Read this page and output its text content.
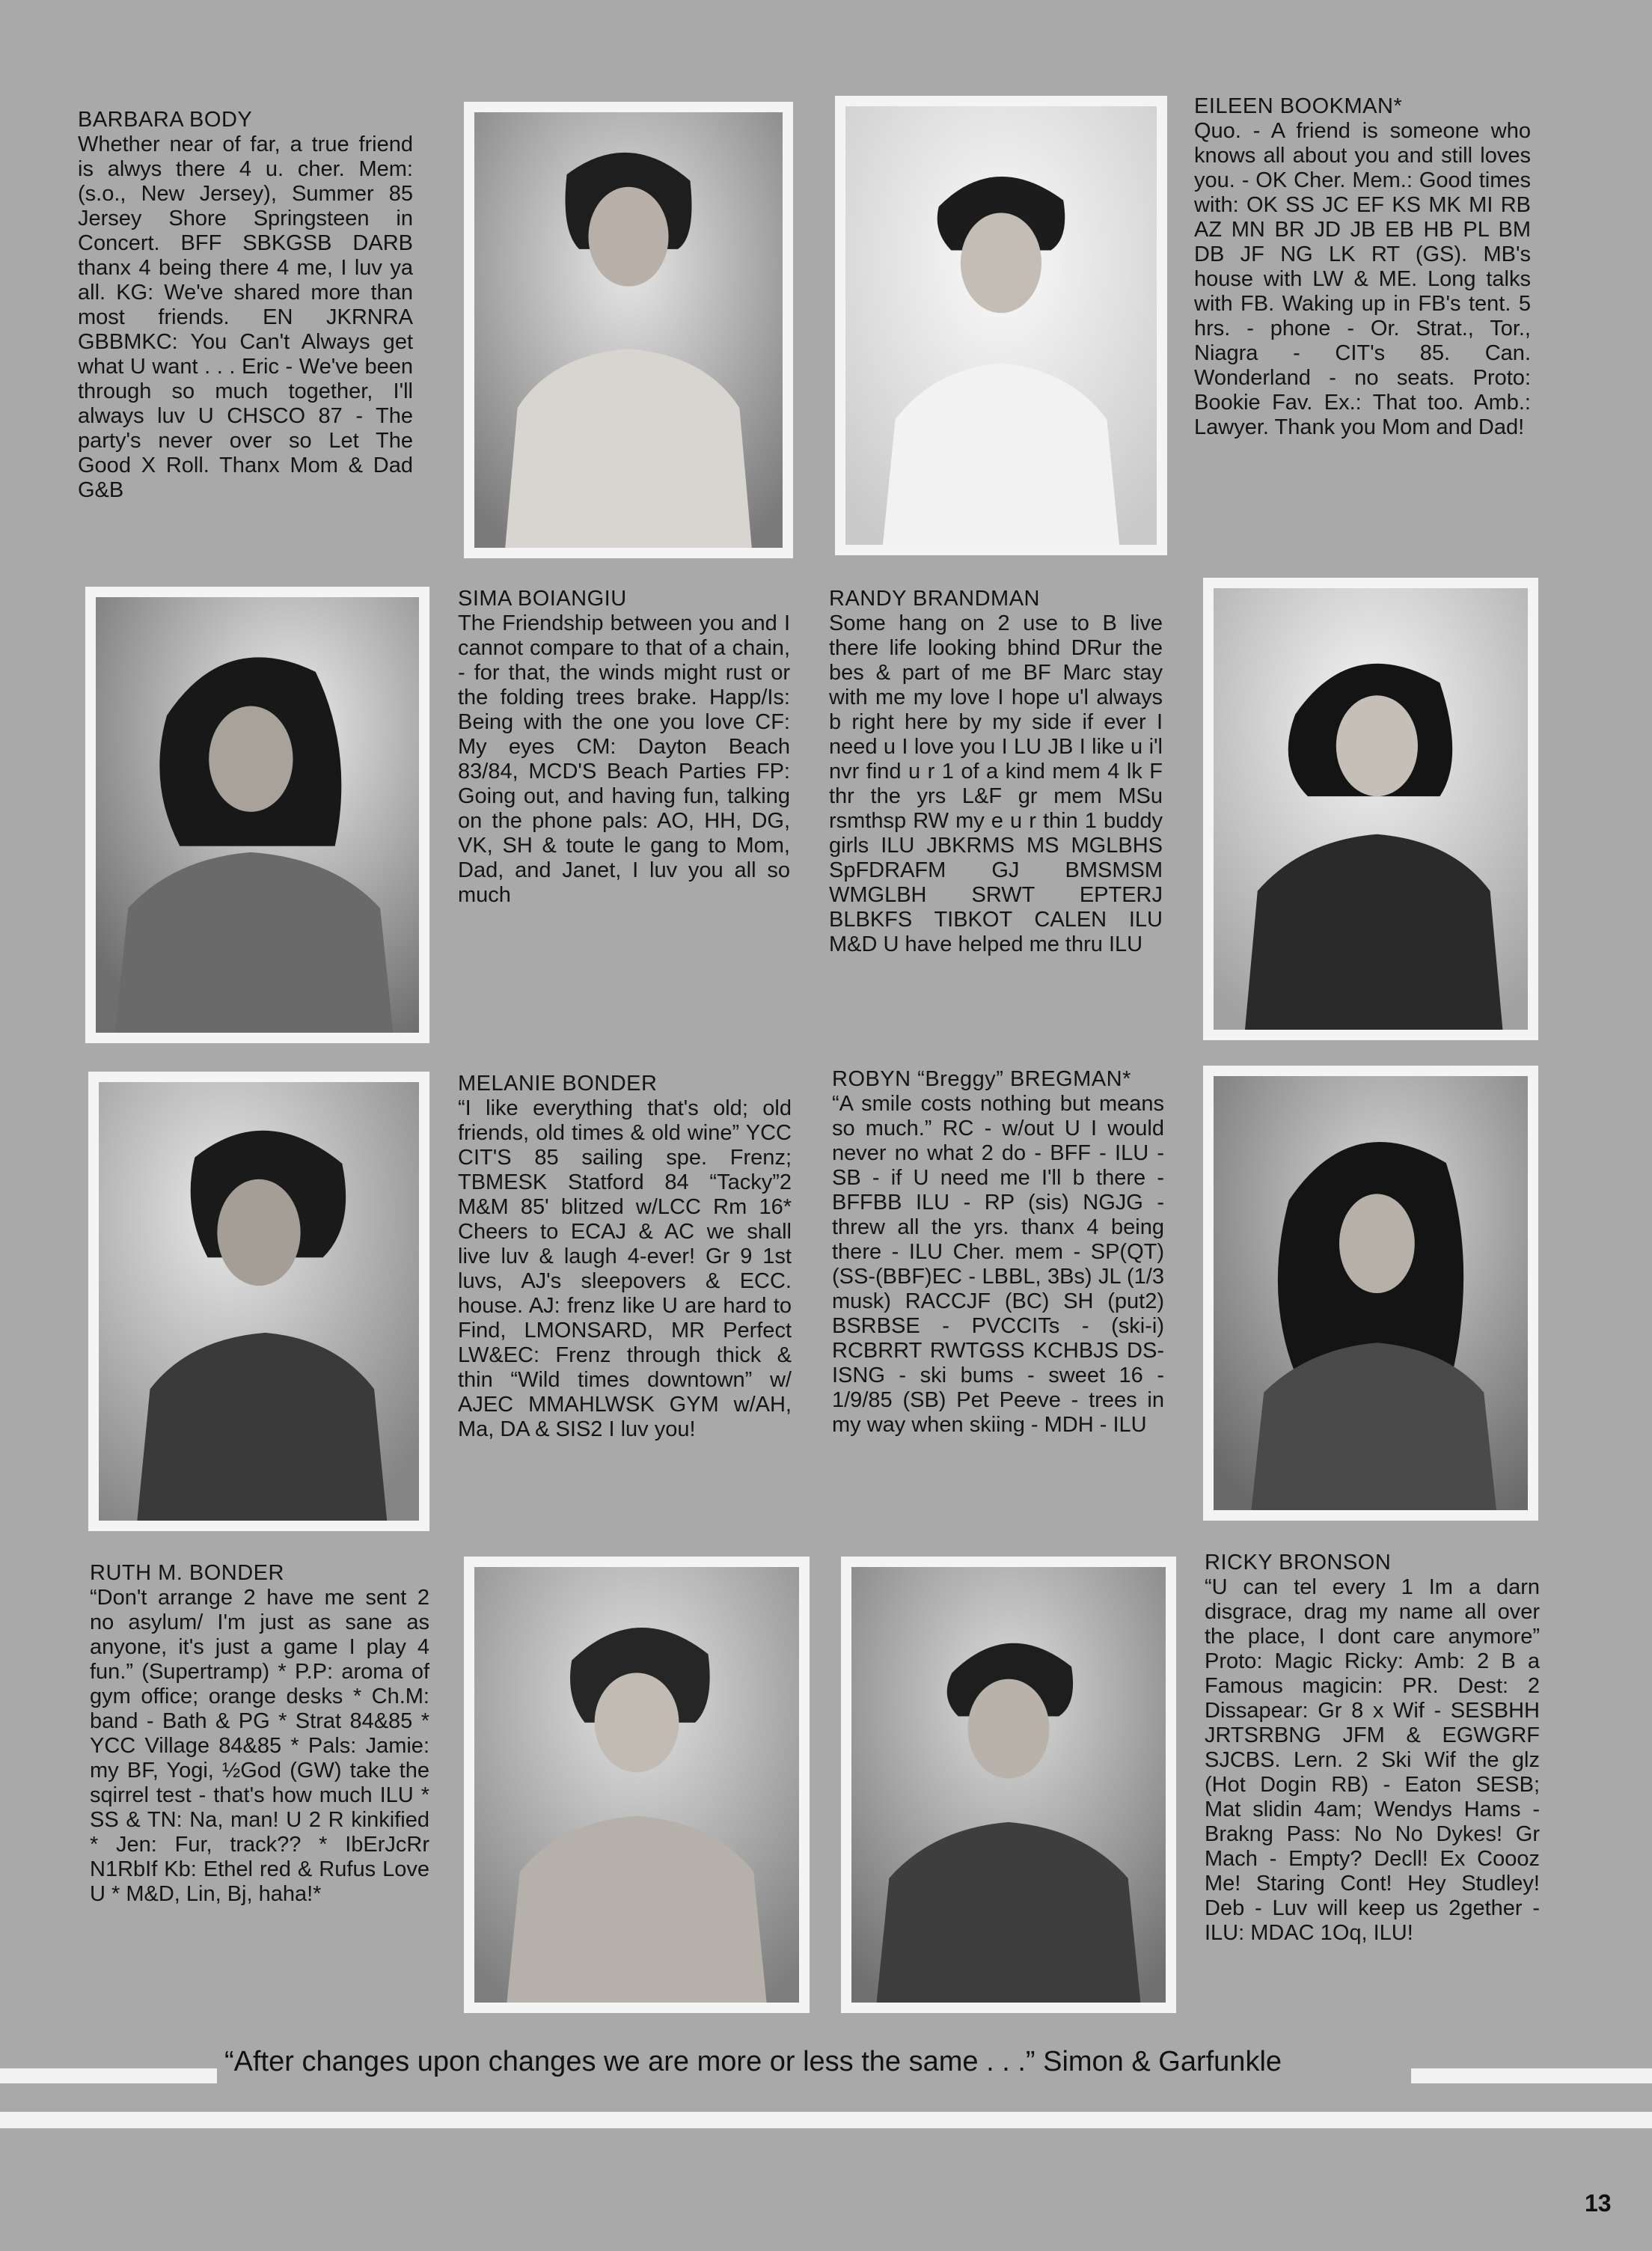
BARBARA BODY
Whether near of far, a true friend is alwys there 4 u. cher. Mem: (s.o., New Jersey), Summer 85 Jersey Shore Springsteen in Concert. BFF SBKGSB DARB thanx 4 being there 4 me, I luv ya all. KG: We've shared more than most friends. EN JKRNRA GBBMKC: You Can't Always get what U want . . . Eric - We've been through so much together, I'll always luv U CHSCO 87 - The party's never over so Let The Good X Roll. Thanx Mom & Dad G&B
EILEEN BOOKMAN*
Quo. - A friend is someone who knows all about you and still loves you. - OK Cher. Mem.: Good times with: OK SS JC EF KS MK MI RB AZ MN BR JD JB EB HB PL BM DB JF NG LK RT (GS). MB's house with LW & ME. Long talks with FB. Waking up in FB's tent. 5 hrs. - phone - Or. Strat., Tor., Niagra - CIT's 85. Can. Wonderland - no seats. Proto: Bookie Fav. Ex.: That too. Amb.: Lawyer. Thank you Mom and Dad!
SIMA BOIANGIU
The Friendship between you and I cannot compare to that of a chain, - for that, the winds might rust or the folding trees brake. Happ/Is: Being with the one you love CF: My eyes CM: Dayton Beach 83/84, MCD'S Beach Parties FP: Going out, and having fun, talking on the phone pals: AO, HH, DG, VK, SH & toute le gang to Mom, Dad, and Janet, I luv you all so much
RANDY BRANDMAN
Some hang on 2 use to B live there life looking bhind DRur the bes & part of me BF Marc stay with me my love I hope u'l always b right here by my side if ever I need u I love you I LU JB I like u i'l nvr find u r 1 of a kind mem 4 lk F thr the yrs L&F gr mem MSu rsmthsp RW my e u r thin 1 buddy girls ILU JBKRMS MS MGLBHS SpFDRAFM GJ BMSMSM WMGLBH SRWT EPTERJ BLBKFS TIBKOT CALEN ILU M&D U have helped me thru ILU
MELANIE BONDER
“I like everything that's old; old friends, old times & old wine” YCC CIT'S 85 sailing spe. Frenz; TBMESK Statford 84 “Tacky”2 M&M 85' blitzed w/LCC Rm 16* Cheers to ECAJ & AC we shall live luv & laugh 4-ever! Gr 9 1st luvs, AJ's sleepovers & ECC. house. AJ: frenz like U are hard to Find, LMONSARD, MR Perfect LW&EC: Frenz through thick & thin “Wild times downtown” w/ AJEC MMAHLWSK GYM w/AH, Ma, DA & SIS2 I luv you!
ROBYN “Breggy” BREGMAN*
“A smile costs nothing but means so much.” RC - w/out U I would never no what 2 do - BFF - ILU - SB - if U need me I'll b there - BFFBB ILU - RP (sis) NGJG - threw all the yrs. thanx 4 being there - ILU Cher. mem - SP(QT) (SS-(BBF)EC - LBBL, 3Bs) JL (1/3 musk) RACCJF (BC) SH (put2) BSRBSE - PVCCITs - (ski-i) RCBRRT RWTGSS KCHBJS DS-ISNG - ski bums - sweet 16 - 1/9/85 (SB) Pet Peeve - trees in my way when skiing - MDH - ILU
RUTH M. BONDER
“Don't arrange 2 have me sent 2 no asylum/ I'm just as sane as anyone, it's just a game I play 4 fun.” (Supertramp) * P.P: aroma of gym office; orange desks * Ch.M: band - Bath & PG * Strat 84&85 * YCC Village 84&85 * Pals: Jamie: my BF, Yogi, ½God (GW) take the sqirrel test - that's how much ILU * SS & TN: Na, man! U 2 R kinkified * Jen: Fur, track?? * IbErJcRr N1RbIf Kb: Ethel red & Rufus Love U * M&D, Lin, Bj, haha!*
RICKY BRONSON
“U can tel every 1 Im a darn disgrace, drag my name all over the place, I dont care anymore” Proto: Magic Ricky: Amb: 2 B a Famous magicin: PR. Dest: 2 Dissapear: Gr 8 x Wif - SESBHH JRTSRBNG JFM & EGWGRF SJCBS. Lern. 2 Ski Wif the glz (Hot Dogin RB) - Eaton SESB; Mat slidin 4am; Wendys Hams - Brakng Pass: No No Dykes! Gr Mach - Empty? Decll! Ex Coooz Me! Staring Cont! Hey Studley! Deb - Luv will keep us 2gether - ILU: MDAC 1Oq, ILU!
“After changes upon changes we are more or less the same . . .” Simon & Garfunkle
13
